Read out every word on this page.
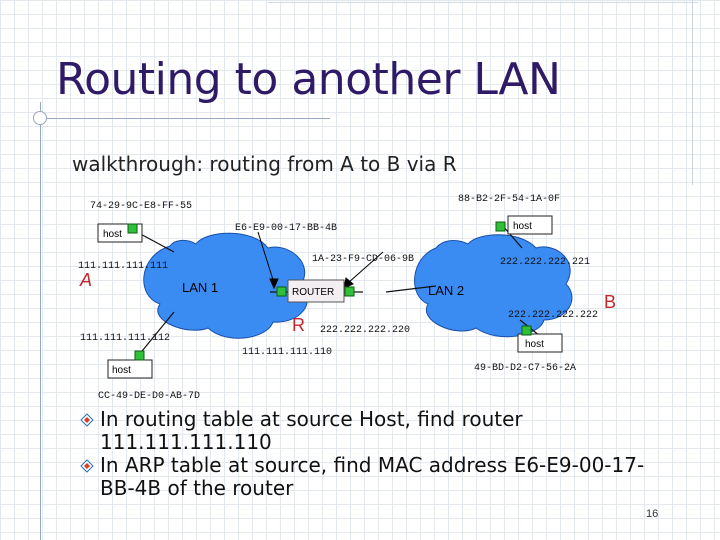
Routing to another LAN
walkthrough: routing from A to B via R
host
host
host
host
ROUTER
LAN 1	LAN 2
A
B
R
74-29-9C-E8-FF-55
88-B2-2F-54-1A-0F
E6-E9-00-17-BB-4B
1A-23-F9-CD-06-9B
111.111.111.111	222.222.222.221
222.222.222.222
222.222.222.220
111.111.111.112
111.111.111.110
49-BD-D2-C7-56-2A
CC-49-DE-D0-AB-7D
In routing table at source Host, find router 111.111.111.110
In ARP table at source, find MAC address E6-E9-00-17-BB-4B of the router
16
